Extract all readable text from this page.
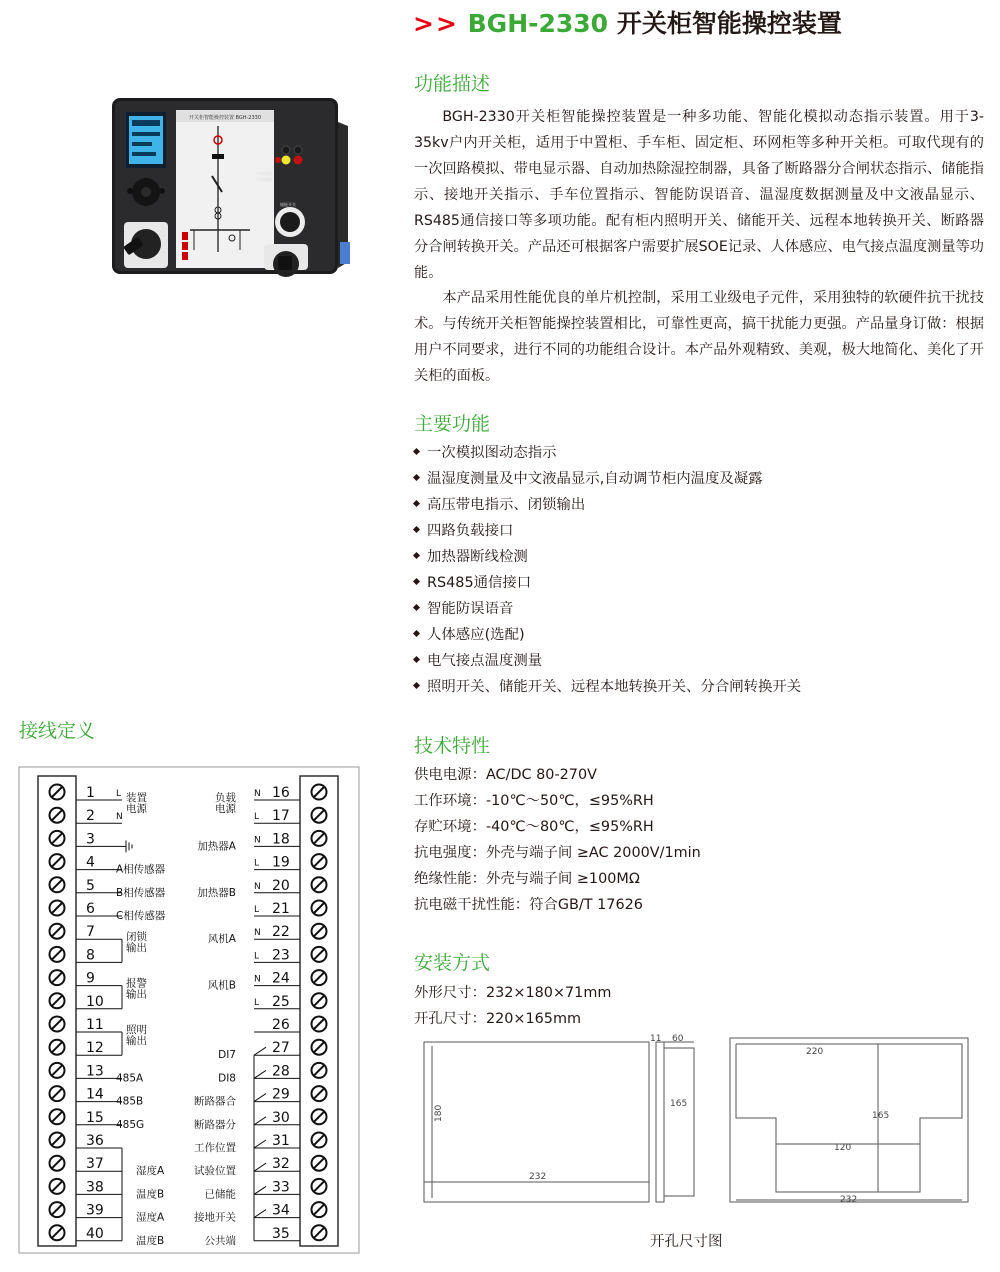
>> BGH-2330 开关柜智能操控装置
开关柜智能操控装置 BGH-2330
分闸储能
合闸储能
储能开关
功能描述
BGH-2330开关柜智能操控装置是一种多功能、智能化模拟动态指示装置。用于3-35kv户内开关柜，适用于中置柜、手车柜、固定柜、环网柜等多种开关柜。可取代现有的一次回路模拟、带电显示器、自动加热除湿控制器，具备了断路器分合闸状态指示、储能指示、接地开关指示、手车位置指示、智能防误语音、温湿度数据测量及中文液晶显示、RS485通信接口等多项功能。配有柜内照明开关、储能开关、远程本地转换开关、断路器分合闸转换开关。产品还可根据客户需要扩展SOE记录、人体感应、电气接点温度测量等功能。
本产品采用性能优良的单片机控制，采用工业级电子元件，采用独特的软硬件抗干扰技术。与传统开关柜智能操控装置相比，可靠性更高，搞干扰能力更强。产品量身订做：根据用户不同要求，进行不同的功能组合设计。本产品外观精致、美观，极大地简化、美化了开关柜的面板。
主要功能
一次模拟图动态指示
温湿度测量及中文液晶显示,自动调节柜内温度及凝露
高压带电指示、闭锁输出
四路负载接口
加热器断线检测
RS485通信接口
智能防误语音
人体感应(选配)
电气接点温度测量
照明开关、储能开关、远程本地转换开关、分合闸转换开关
技术特性
供电电源：AC/DC 80-270V
工作环境：-10℃～50℃，≤95%RH
存贮环境：-40℃～80℃，≤95%RH
抗电强度：外壳与端子间 ≥AC 2000V/1min
绝缘性能：外壳与端子间 ≥100MΩ
抗电磁干扰性能：符合GB/T 17626
安装方式
外形尺寸：232×180×71mm
开孔尺寸：220×165mm
232
180
60
11
165
220
165
120
232
开孔尺寸图
接线定义
1 L
2 N
3
4
5
6
7
8
9
10
11
12
13
14
15
36
37
38
39
40
16
N
17
L
18
N
19
L
20
N
21
L
22
N
23
L
24
N
25
L
26
27
28
29
30
31
32
33
34
35
装置
电源
A相传感器
B相传感器
C相传感器
闭锁
输出
报警
输出
照明
输出
485A
485B
485G
湿度A
温度B
湿度A
温度B
负载
电源
加热器A
加热器B
风机A
风机B
DI7
DI8
断路器合
断路器分
工作位置
试验位置
已储能
接地开关
公共端
